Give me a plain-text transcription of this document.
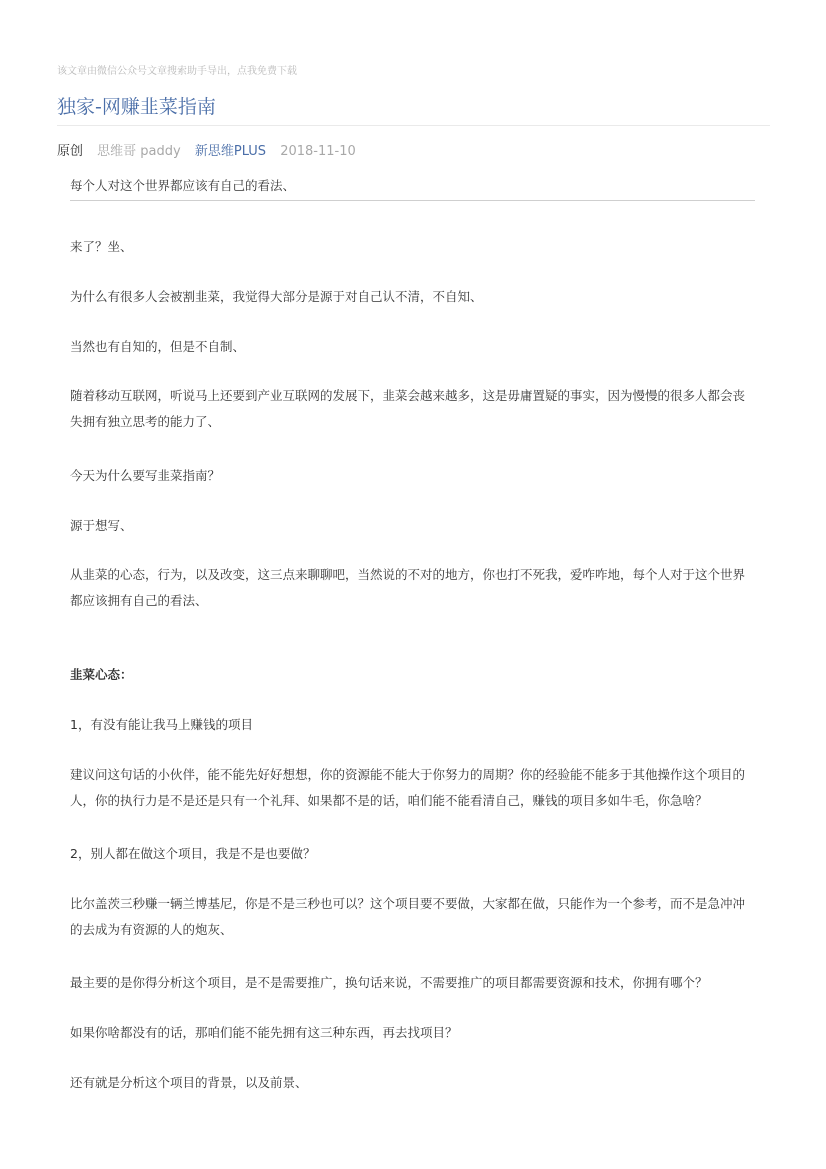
该文章由微信公众号文章搜索助手导出，点我免费下载
独家-网赚韭菜指南
原创 思维哥 paddy 新思维PLUS 2018-11-10
每个人对这个世界都应该有自己的看法、

来了？坐、

为什么有很多人会被割韭菜，我觉得大部分是源于对自己认不清，不自知、

当然也有自知的，但是不自制、

随着移动互联网，听说马上还要到产业互联网的发展下，韭菜会越来越多，这是毋庸置疑的事实，因为慢慢的很多人都会丧失拥有独立思考的能力了、

今天为什么要写韭菜指南？

源于想写、

从韭菜的心态，行为，以及改变，这三点来聊聊吧，当然说的不对的地方，你也打不死我，爱咋咋地，每个人对于这个世界都应该拥有自己的看法、

韭菜心态：

1，有没有能让我马上赚钱的项目

建议问这句话的小伙伴，能不能先好好想想，你的资源能不能大于你努力的周期？你的经验能不能多于其他操作这个项目的人，你的执行力是不是还是只有一个礼拜、如果都不是的话，咱们能不能看清自己，赚钱的项目多如牛毛，你急啥？

2，别人都在做这个项目，我是不是也要做？

比尔盖茨三秒赚一辆兰博基尼，你是不是三秒也可以？这个项目要不要做，大家都在做，只能作为一个参考，而不是急冲冲的去成为有资源的人的炮灰、

最主要的是你得分析这个项目，是不是需要推广，换句话来说，不需要推广的项目都需要资源和技术，你拥有哪个？

如果你啥都没有的话，那咱们能不能先拥有这三种东西，再去找项目？

还有就是分析这个项目的背景，以及前景、
